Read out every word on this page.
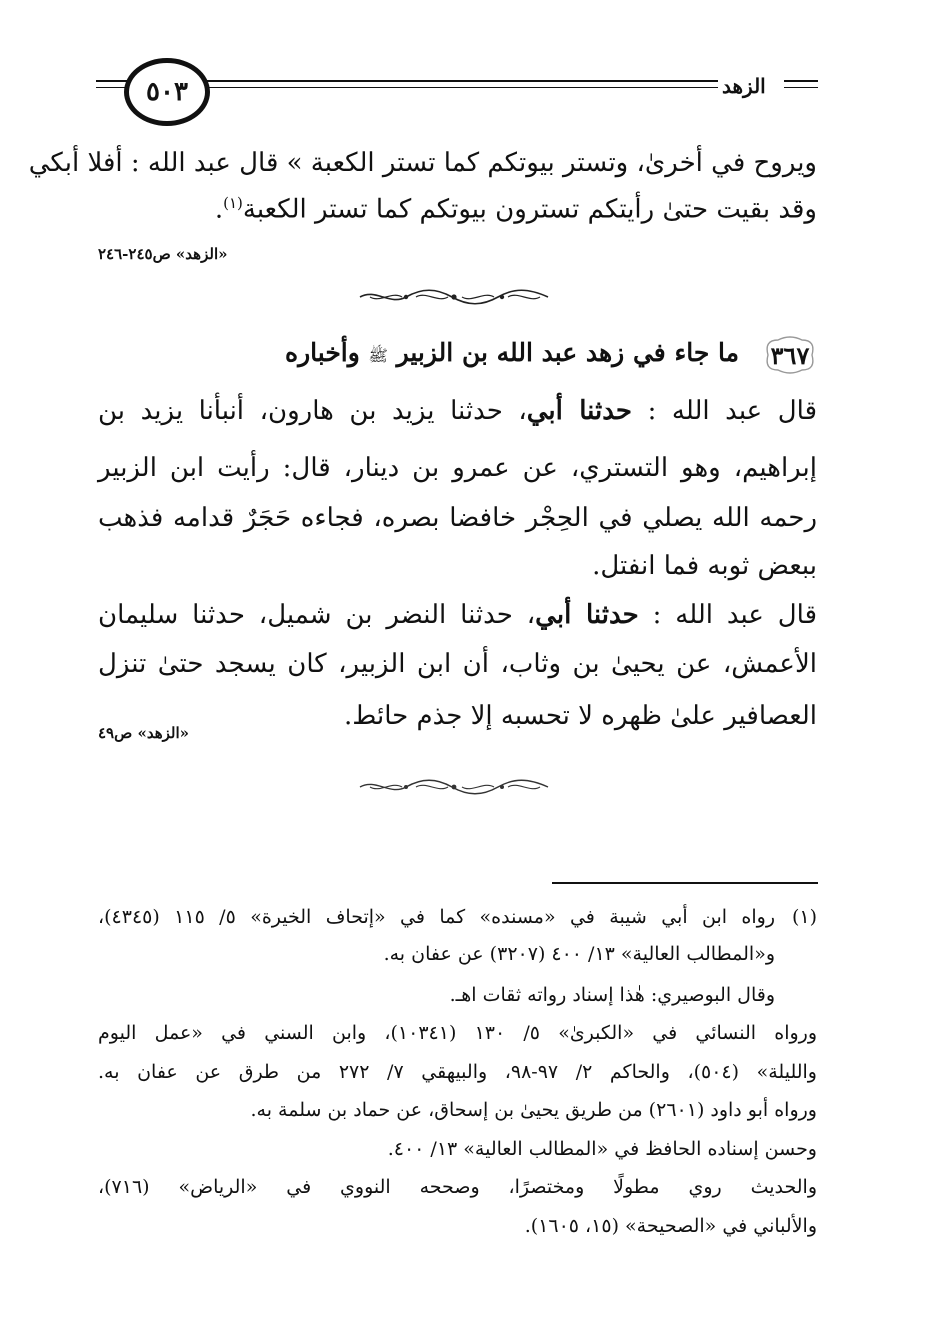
الزهد
٥٠٣
ويروح في أخرىٰ، وتستر بيوتكم كما تستر الكعبة » قال عبد الله : أفلا أبكي
وقد بقيت حتىٰ رأيتكم تسترون بيوتكم كما تستر الكعبة$^{(١)}$.
«الزهد» ص٢٤٥-٢٤٦
٣٦٧
ما جاء في زهد عبد الله بن الزبير ﷺ وأخباره
قال عبد الله : حدثنا أبي، حدثنا يزيد بن هارون، أنبأنا يزيد بن
إبراهيم، وهو التستري، عن عمرو بن دينار، قال: رأيت ابن الزبير
رحمه الله يصلي في الحِجْر خافضا بصره، فجاءه حَجَرٌ قدامه فذهب
ببعض ثوبه فما انفتل.
قال عبد الله : حدثنا أبي، حدثنا النضر بن شميل، حدثنا سليمان
الأعمش، عن يحيىٰ بن وثاب، أن ابن الزبير، كان يسجد حتىٰ تنزل
العصافير علىٰ ظهره لا تحسبه إلا جذم حائط.
«الزهد» ص٤٩
(١)
رواه ابن أبي شيبة في «مسنده» كما في «إتحاف الخيرة» ٥/ ١١٥ (٤٣٤٥)،
و«المطالب العالية» ١٣/ ٤٠٠ (٣٢٠٧) عن عفان به.
وقال البوصيري: هٰذا إسناد رواته ثقات اهـ.
ورواه النسائي في «الكبرىٰ» ٥/ ١٣٠ (١٠٣٤١)، وابن السني في «عمل اليوم
والليلة» (٥٠٤)، والحاكم ٢/ ٩٧-٩٨، والبيهقي ٧/ ٢٧٢ من طرق عن عفان به.
ورواه أبو داود (٢٦٠١) من طريق يحيىٰ بن إسحاق، عن حماد بن سلمة به.
وحسن إسناده الحافظ في «المطالب العالية» ١٣/ ٤٠٠.
والحديث روي مطولًا ومختصرًا، وصححه النووي في «الرياض» (٧١٦)،
والألباني في «الصحيحة» (١٥، ١٦٠٥).
